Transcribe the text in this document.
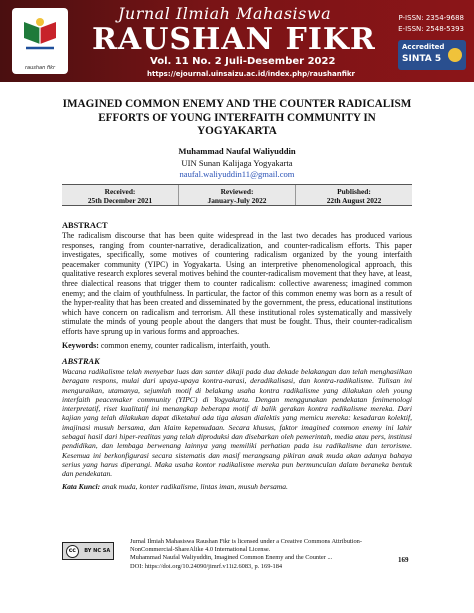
raushan fikr
Jurnal Ilmiah Mahasiswa
RAUSHAN FIKR
Vol. 11 No. 2 Juli-Desember 2022
https://ejournal.uinsaizu.ac.id/index.php/raushanfikr
P-ISSN: 2354-9688
E-ISSN: 2548-5393
Accredited
SINTA 5
IMAGINED COMMON ENEMY AND THE COUNTER RADICALISM
EFFORTS OF YOUNG INTERFAITH COMMUNITY IN
YOGYAKARTA
Muhammad Naufal Waliyuddin
UIN Sunan Kalijaga Yogyakarta
naufal.waliyuddin11@gmail.com
Received:
25th December 2021
Reviewed:
January-July 2022
Published:
22th August 2022
ABSTRACT
The radicalism discourse that has been quite widespread in the last two decades has produced various responses, ranging from counter-narrative, deradicalization, and counter-radicalism efforts. This paper investigates, specifically, some motives of countering radicalism organized by the young interfaith peacemaker community (YIPC) in Yogyakarta. Using an interpretive phenomenological approach, this qualitative research explores several motives behind the counter-radicalism movement that they have, at least, three dialectical reasons that trigger them to counter radicalism: collective awareness; imagined common enemy; and the claim of youthfulness. In particular, the factor of this common enemy was born as a result of the hyper-reality that has been created and disseminated by the government, the press, educational institutions which have concern on radicalism and terrorism. All these institutional roles systematically and massively stimulate the minds of young people about the dangers that must be fought. Thus, their counter-radicalism efforts have sprung up in various forms and approaches.
Keywords: common enemy, counter radicalism, interfaith, youth.
ABSTRAK
Wacana radikalisme telah menyebar luas dan santer dikaji pada dua dekade belakangan dan telah menghasilkan beragam respons, mulai dari upaya-upaya kontra-narasi, deradikalisasi, dan kontra-radikalisme. Tulisan ini menguraikan, utamanya, sejumlah motif di belakang usaha kontra radikalisme yang dilakukan oleh young interfaith peacemaker community (YIPC) di Yogyakarta. Dengan menggunakan pendekatan fenimenologi interpretatif, riset kualitatif ini menangkap beberapa motif di balik gerakan kontra radikalisme mereka. Dari kajian yang telah dilakukan dapat diketahui ada tiga alasan dialektis yang memicu mereka: kesadaran kolektif, imajinasi musuh bersama, dan klaim kepemudaan. Secara khusus, faktor imagined common enemy ini lahir sebagai hasil dari hiper-realitas yang telah diproduksi dan disebarkan oleh pemerintah, media atau pers, institusi pendidikan, dan lembaga berwenang lainnya yang memiliki perhatian pada isu radikalisme dan terorisme. Kesemua ini berkonfigurasi secara sistematis dan masif merangsang pikiran anak muda akan adanya bahaya serius yang harus diperangi. Maka usaha kontor radikalisme mereka pun bermunculan dalam beraneka bentuk dan pendekatan.
Kata Kunci: anak muda, konter radikalisme, lintas iman, musuh bersama.
cc	BY NC SA
Jurnal Ilmiah Mahasiswa Raushan Fikr is licensed under a Creative Commons Attribution-
NonCommercial-ShareAlike 4.0 International License.
Muhammad Naufal Waliyuddin, Imagined Common Enemy and the Counter ...
DOI: https://doi.org/10.24090/jimrf.v11i2.6083, p. 169-184
169
